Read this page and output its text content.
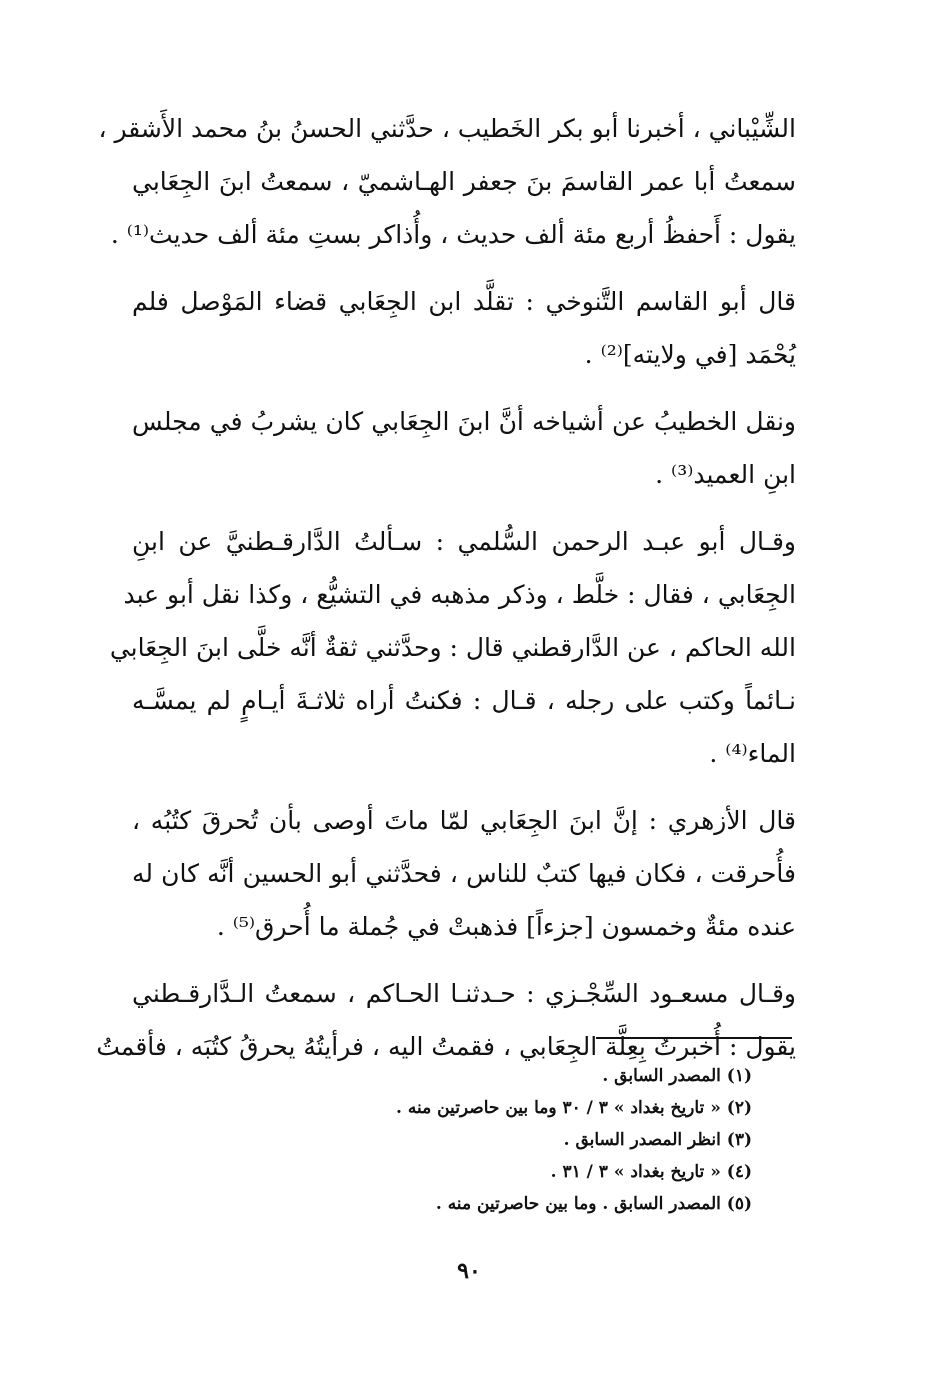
الشِّيْباني ، أخبرنا أبو بكر الخَطيب ، حدَّثني الحسنُ بنُ محمد الأَشقر ،
سمعتُ أبا عمر القاسمَ بنَ جعفر الهـاشميّ ، سمعتُ ابنَ الجِعَابي
يقول : أَحفظُ أربع مئة ألف حديث ، وأُذاكر بستِ مئة ألف حديث⁽¹⁾ .
قال أبو القاسم التَّنوخي : تقلَّد ابن الجِعَابي قضاء المَوْصل فلم
يُحْمَد [في ولايته]⁽²⁾ .
ونقل الخطيبُ عن أشياخه أنَّ ابنَ الجِعَابي كان يشربُ في مجلس
ابنِ العميد⁽³⁾ .
وقـال أبو عبـد الرحمن السُّلمي : سـألتُ الدَّارقـطنيَّ عن ابنِ
الجِعَابي ، فقال : خلَّط ، وذكر مذهبه في التشيُّع ، وكذا نقل أبو عبد
الله الحاكم ، عن الدَّارقطني قال : وحدَّثني ثقةٌ أنَّه خلَّى ابنَ الجِعَابي
نـائماً وكتب على رجله ، قـال : فكنتُ أراه ثلاثـةَ أيـامٍ لم يمسَّـه
الماء⁽⁴⁾ .
قال الأزهري : إنَّ ابنَ الجِعَابي لمّا ماتَ أوصى بأن تُحرقَ كتُبُه ،
فأُحرقت ، فكان فيها كتبٌ للناس ، فحدَّثني أبو الحسين أنَّه كان له
عنده مئةٌ وخمسون [جزءاً] فذهبتْ في جُملة ما أُحرق⁽⁵⁾ .
وقـال مسعـود السِّجْـزي : حـدثنـا الحـاكم ، سمعتُ الـدَّارقـطني
يقول : أُخبرتُ بِعِلَّة الجِعَابي ، فقمتُ اليه ، فرأيتُهُ يحرقُ كتُبَه ، فأقمتُ
(١) المصدر السابق .
(٢) « تاريخ بغداد » ٣ / ٣٠ وما بين حاصرتين منه .
(٣) انظر المصدر السابق .
(٤) « تاريخ بغداد » ٣ / ٣١ .
(٥) المصدر السابق . وما بين حاصرتين منه .
٩٠
